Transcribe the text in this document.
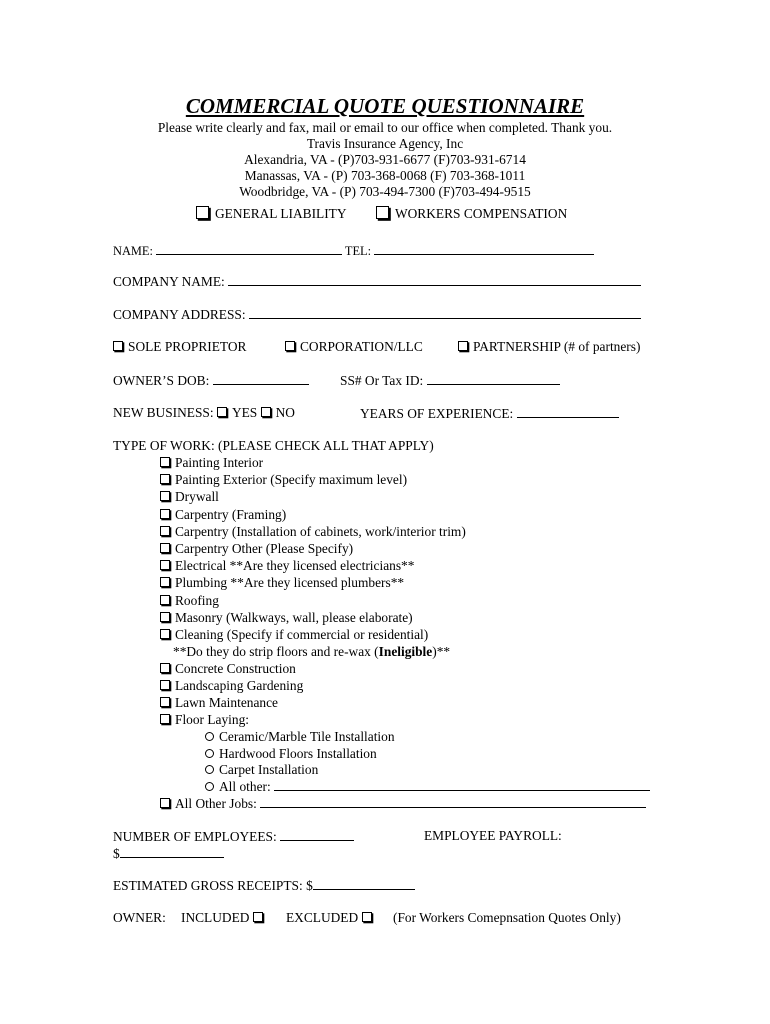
COMMERCIAL QUOTE QUESTIONNAIRE
Please write clearly and fax, mail or email to our office when completed. Thank you.
Travis Insurance Agency, Inc
Alexandria, VA - (P)703-931-6677 (F)703-931-6714
Manassas, VA - (P) 703-368-0068 (F) 703-368-1011
Woodbridge, VA - (P) 703-494-7300 (F)703-494-9515
GENERAL LIABILITY	WORKERS COMPENSATION
NAME:	TEL:
COMPANY NAME:
COMPANY ADDRESS:
SOLE PROPRIETOR	CORPORATION/LLC	PARTNERSHIP (# of partners)
OWNER’S DOB:	SS# Or Tax ID:
NEW BUSINESS: YES NO	YEARS OF EXPERIENCE:
TYPE OF WORK: (PLEASE CHECK ALL THAT APPLY)
Painting Interior
Painting Exterior (Specify maximum level)
Drywall
Carpentry (Framing)
Carpentry (Installation of cabinets, work/interior trim)
Carpentry Other (Please Specify)
Electrical **Are they licensed electricians**
Plumbing **Are they licensed plumbers**
Roofing
Masonry (Walkways, wall, please elaborate)
Cleaning (Specify if commercial or residential)
**Do they do strip floors and re-wax (Ineligible)**
Concrete Construction
Landscaping Gardening
Lawn Maintenance
Floor Laying:
Ceramic/Marble Tile Installation
Hardwood Floors Installation
Carpet Installation
All other:
All Other Jobs:
NUMBER OF EMPLOYEES:	EMPLOYEE PAYROLL:
$
ESTIMATED GROSS RECEIPTS: $
OWNER: INCLUDED	EXCLUDED	(For Workers Comepnsation Quotes Only)
